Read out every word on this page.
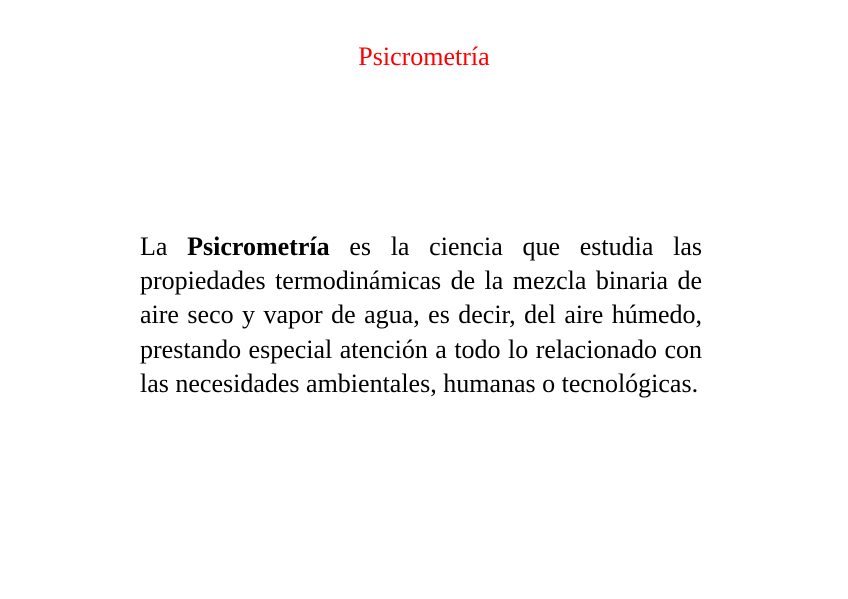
Psicrometría

La Psicrometría es la ciencia que estudia las propiedades termodinámicas de la mezcla binaria de aire seco y vapor de agua, es decir, del aire húmedo, prestando especial atención a todo lo relacionado con las necesidades ambientales, humanas o tecnológicas.
